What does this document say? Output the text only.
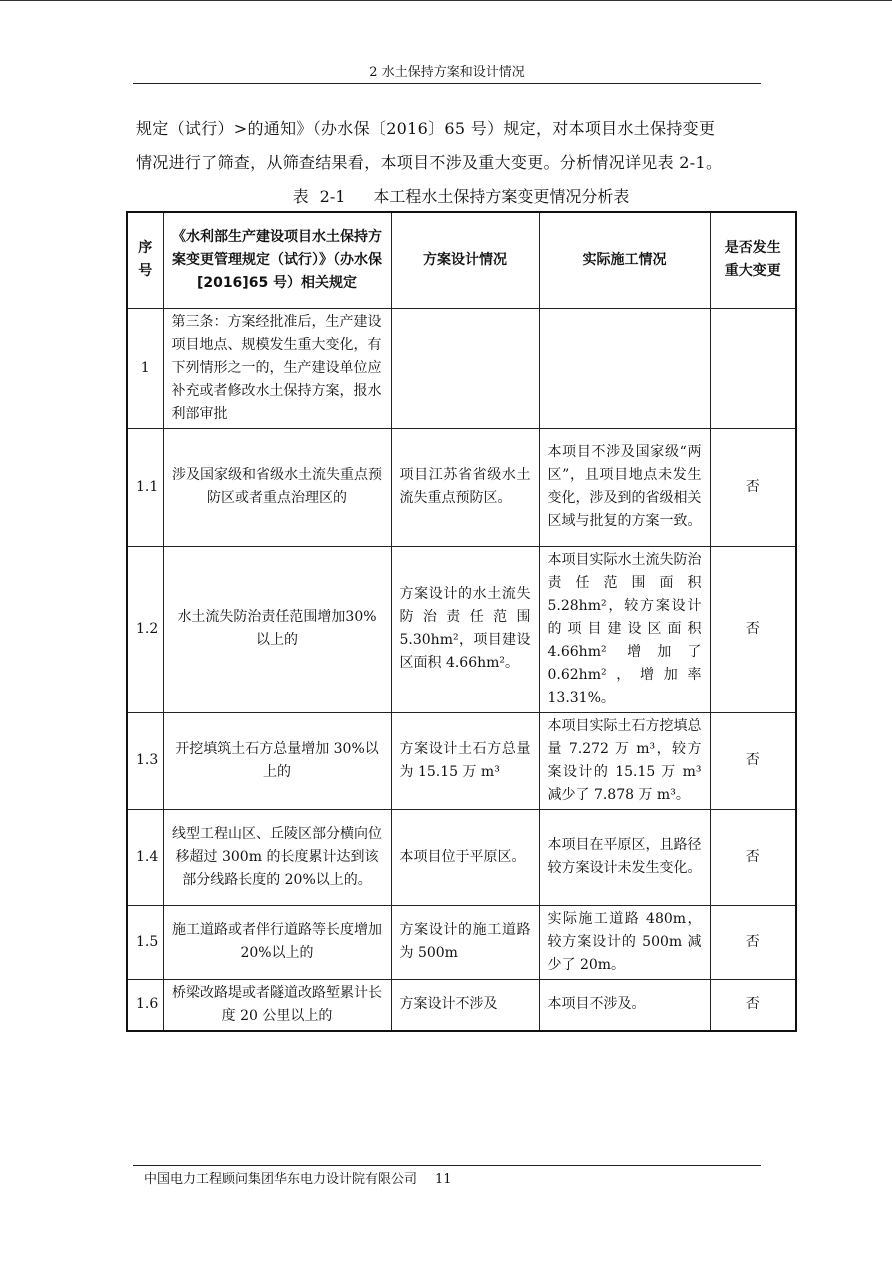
2 水土保持方案和设计情况
规定（试行）>的通知》（办水保〔2016〕65 号）规定，对本项目水土保持变更
情况进行了筛查，从筛查结果看，本项目不涉及重大变更。分析情况详见表 2-1。
表 2-1 本工程水土保持方案变更情况分析表
序号	《水利部生产建设项目水土保持方案变更管理规定（试行）》（办水保[2016]65 号）相关规定	方案设计情况	实际施工情况	是否发生重大变更
1	第三条：方案经批准后，生产建设项目地点、规模发生重大变化，有下列情形之一的，生产建设单位应补充或者修改水土保持方案，报水利部审批			
1.1	涉及国家级和省级水土流失重点预防区或者重点治理区的	项目江苏省省级水土流失重点预防区。	本项目不涉及国家级“两区”，且项目地点未发生变化，涉及到的省级相关区域与批复的方案一致。	否
1.2	水土流失防治责任范围增加30%以上的	方案设计的水土流失防治责任范围5.30hm²，项目建设区面积 4.66hm²。	本项目实际水土流失防治责任范围面积5.28hm²，较方案设计的项目建设区面积4.66hm² 增加了0.62hm²，增加率13.31%。	否
1.3	开挖填筑土石方总量增加 30%以上的	方案设计土石方总量为 15.15 万 m³	本项目实际土石方挖填总量 7.272 万 m³，较方案设计的 15.15 万 m³减少了 7.878 万 m³。	否
1.4	线型工程山区、丘陵区部分横向位移超过 300m 的长度累计达到该部分线路长度的 20%以上的。	本项目位于平原区。	本项目在平原区，且路径较方案设计未发生变化。	否
1.5	施工道路或者伴行道路等长度增加 20%以上的	方案设计的施工道路为 500m	实际施工道路 480m，较方案设计的 500m 减少了 20m。	否
1.6	桥梁改路堤或者隧道改路堑累计长度 20 公里以上的	方案设计不涉及	本项目不涉及。	否
中国电力工程顾问集团华东电力设计院有限公司 11
